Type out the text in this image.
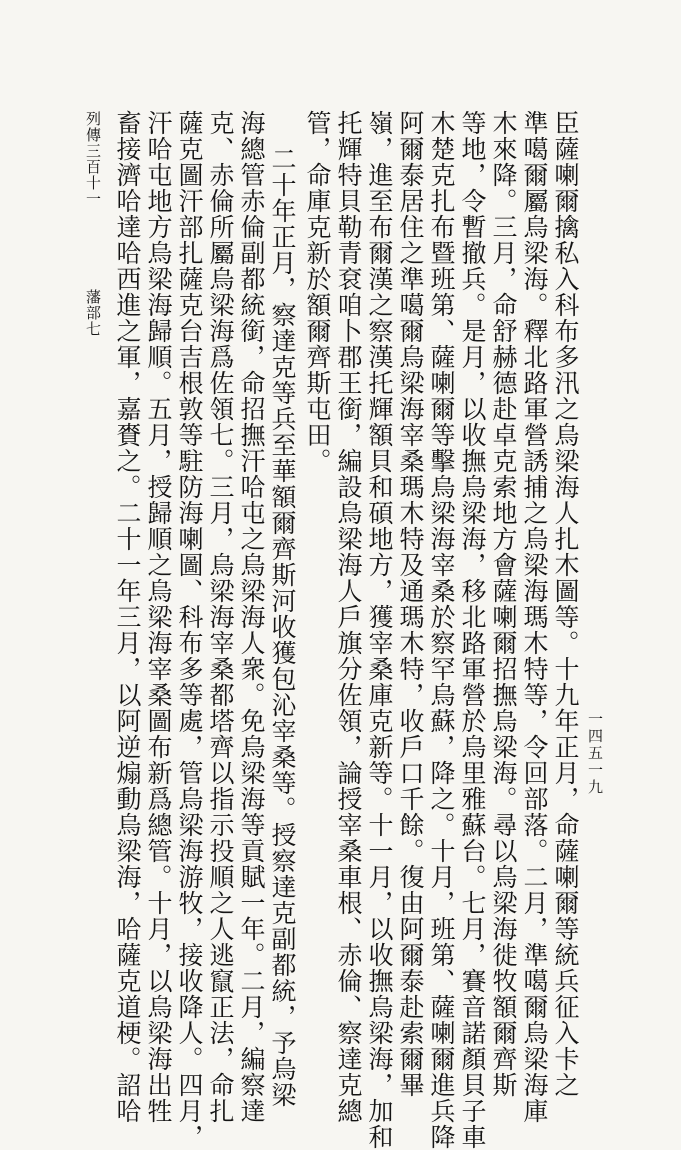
列傳三百十一藩部七	臣薩喇爾擒私入科布多汛之烏梁海人扎木圖等。十九年正月，命薩喇爾等統兵征入卡之
準噶爾屬烏梁海。釋北路軍營誘捕之烏梁海瑪木特等，令回部落。二月，準噶爾烏梁海庫
木來降。三月，命舒赫德赴卓克索地方會薩喇爾招撫烏梁海。尋以烏梁海徙牧額爾齊斯
等地，令暫撤兵。是月，以收撫烏梁海，移北路軍營於烏里雅蘇台。七月，賽音諾顏貝子車
木楚克扎布暨班第、薩喇爾等擊烏梁海宰桑於察罕烏蘇，降之。十月，班第、薩喇爾進兵降
阿爾泰居住之準噶爾烏梁海宰桑瑪木特及通瑪木特，收戶口千餘。復由阿爾泰赴索爾畢
嶺，進至布爾漢之察漢托輝額貝和碩地方，獲宰桑庫克新等。十一月，以收撫烏梁海，加和
托輝特貝勒青袞咱卜郡王銜，編設烏梁海人戶旗分佐領，論授宰桑車根、赤倫、察達克總
管，命庫克新於額爾齊斯屯田。
二十年正月，察達克等兵至華額爾齊斯河收獲包沁宰桑等。授察達克副都統，予烏梁
海總管赤倫副都統銜，命招撫汗哈屯之烏梁海人衆。免烏梁海等貢賦一年。二月，編察達
克、赤倫所屬烏梁海爲佐領七。三月，烏梁海宰桑都塔齊以指示投順之人逃竄正法，命扎
薩克圖汗部扎薩克台吉根敦等駐防海喇圖、科布多等處，管烏梁海游牧，接收降人。四月，
汗哈屯地方烏梁海歸順。五月，授歸順之烏梁海宰桑圖布新爲總管。十月，以烏梁海出牲
畜接濟哈達哈西進之軍，嘉賚之。二十一年三月，以阿逆煽動烏梁海，哈薩克道梗。詔哈	一四五一九
